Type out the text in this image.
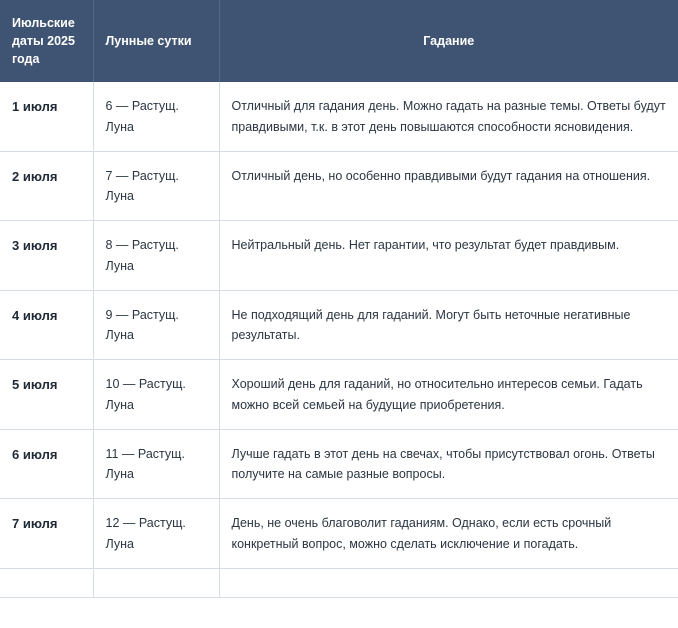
Июльские даты 2025 года	Лунные сутки	Гадание
1 июля	6 — Растущ. Луна	Отличный для гадания день. Можно гадать на разные темы. Ответы будут правдивыми, т.к. в этот день повышаются способности ясновидения.
2 июля	7 — Растущ. Луна	Отличный день, но особенно правдивыми будут гадания на отношения.
3 июля	8 — Растущ. Луна	Нейтральный день. Нет гарантии, что результат будет правдивым.
4 июля	9 — Растущ. Луна	Не подходящий день для гаданий. Могут быть неточные негативные результаты.
5 июля	10 — Растущ. Луна	Хороший день для гаданий, но относительно интересов семьи. Гадать можно всей семьей на будущие приобретения.
6 июля	11 — Растущ. Луна	Лучше гадать в этот день на свечах, чтобы присутствовал огонь. Ответы получите на самые разные вопросы.
7 июля	12 — Растущ. Луна	День, не очень благоволит гаданиям. Однако, если есть срочный конкретный вопрос, можно сделать исключение и погадать.
